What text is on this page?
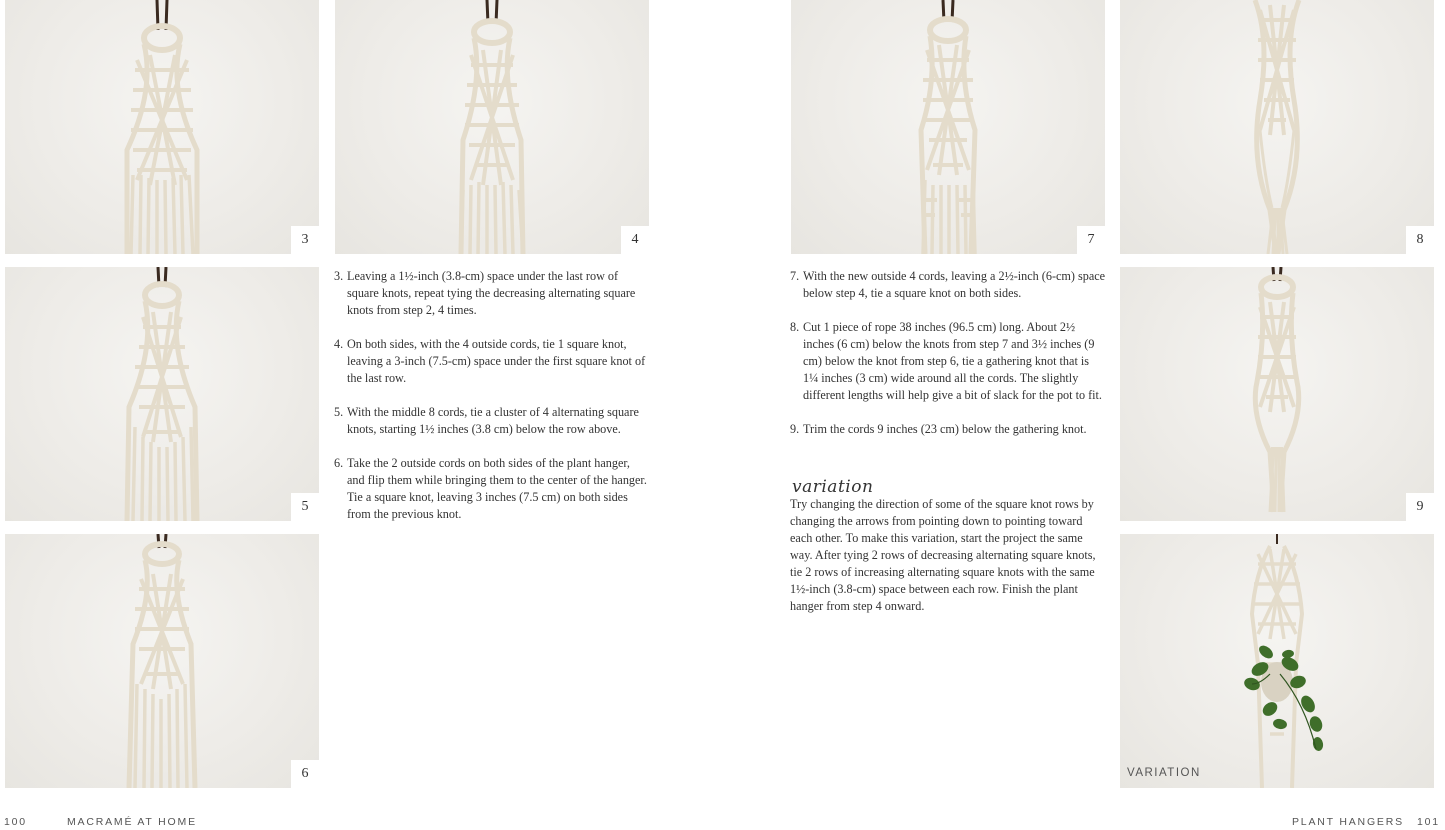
3
5
6
4
3. Leaving a 1½-inch (3.8-cm) space under the last row of square knots, repeat tying the decreasing alternating square knots from step 2, 4 times.
4. On both sides, with the 4 outside cords, tie 1 square knot, leaving a 3-inch (7.5-cm) space under the first square knot of the last row.
5. With the middle 8 cords, tie a cluster of 4 alternating square knots, starting 1½ inches (3.8 cm) below the row above.
6. Take the 2 outside cords on both sides of the plant hanger, and flip them while bringing them to the center of the hanger. Tie a square knot, leaving 3 inches (7.5 cm) on both sides from the previous knot.
7	8
9
VARIATION
7. With the new outside 4 cords, leaving a 2½-inch (6-cm) space below step 4, tie a square knot on both sides.
8. Cut 1 piece of rope 38 inches (96.5 cm) long. About 2½ inches (6 cm) below the knots from step 7 and 3½ inches (9 cm) below the knot from step 6, tie a gathering knot that is 1¼ inches (3 cm) wide around all the cords. The slightly different lengths will help give a bit of slack for the pot to fit.
9. Trim the cords 9 inches (23 cm) below the gathering knot.
variation
Try changing the direction of some of the square knot rows by changing the arrows from pointing down to pointing toward each other. To make this variation, start the project the same way. After tying 2 rows of decreasing alternating square knots, tie 2 rows of increasing alternating square knots with the same 1½-inch (3.8-cm) space between each row. Finish the plant hanger from step 4 onward.
100	MACRAMÉ AT HOME	PLANT HANGERS 101
